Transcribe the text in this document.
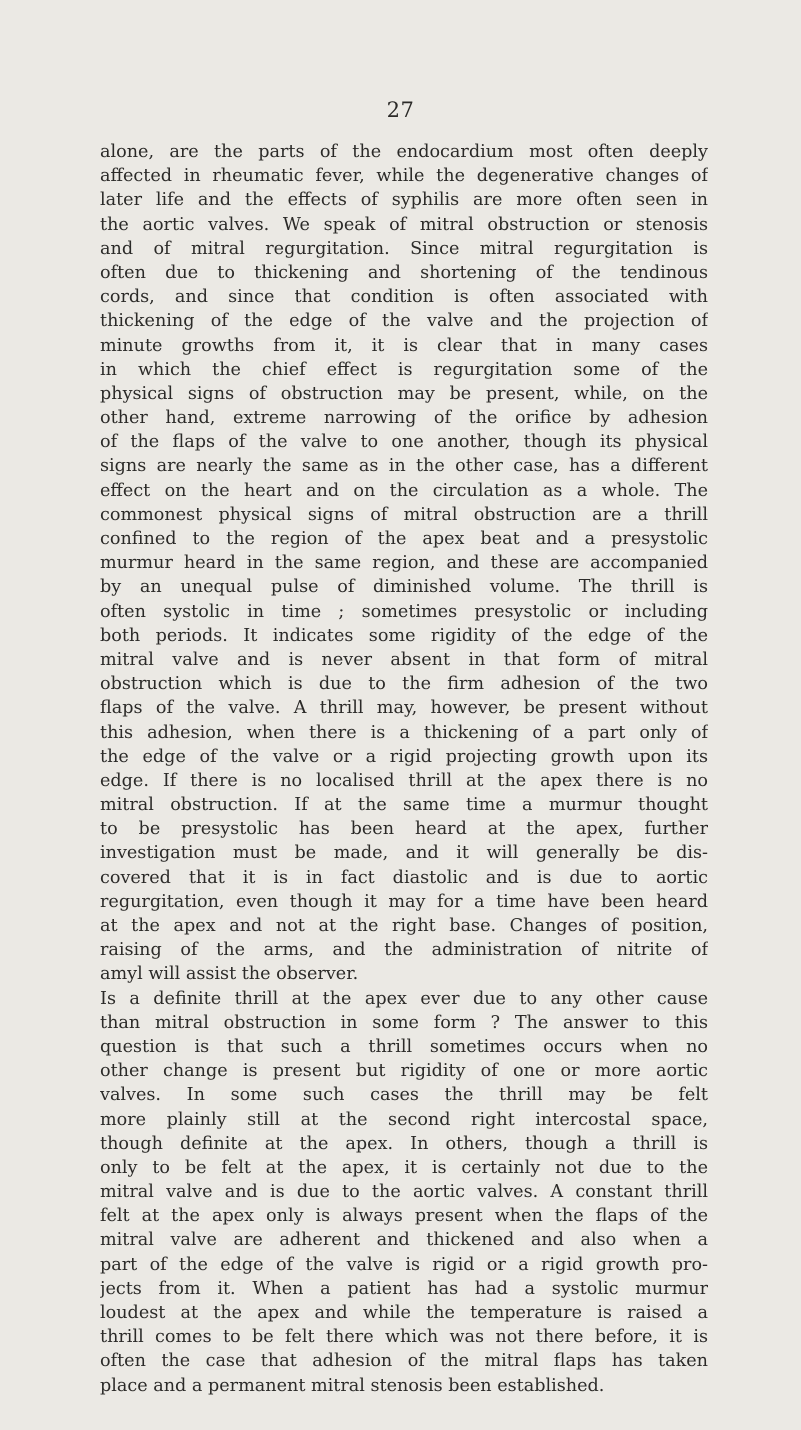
27
alone, are the parts of the endocardium most often deeply
affected in rheumatic fever, while the degenerative changes of
later life and the effects of syphilis are more often seen in
the aortic valves. We speak of mitral obstruction or stenosis
and of mitral regurgitation. Since mitral regurgitation is
often due to thickening and shortening of the tendinous
cords, and since that condition is often associated with
thickening of the edge of the valve and the projection of
minute growths from it, it is clear that in many cases
in which the chief effect is regurgitation some of the
physical signs of obstruction may be present, while, on the
other hand, extreme narrowing of the orifice by adhesion
of the flaps of the valve to one another, though its physical
signs are nearly the same as in the other case, has a different
effect on the heart and on the circulation as a whole. The
commonest physical signs of mitral obstruction are a thrill
confined to the region of the apex beat and a presystolic
murmur heard in the same region, and these are accompanied
by an unequal pulse of diminished volume. The thrill is
often systolic in time ; sometimes presystolic or including
both periods. It indicates some rigidity of the edge of the
mitral valve and is never absent in that form of mitral
obstruction which is due to the firm adhesion of the two
flaps of the valve. A thrill may, however, be present without
this adhesion, when there is a thickening of a part only of
the edge of the valve or a rigid projecting growth upon its
edge. If there is no localised thrill at the apex there is no
mitral obstruction. If at the same time a murmur thought
to be presystolic has been heard at the apex, further
investigation must be made, and it will generally be dis-
covered that it is in fact diastolic and is due to aortic
regurgitation, even though it may for a time have been heard
at the apex and not at the right base. Changes of position,
raising of the arms, and the administration of nitrite of
amyl will assist the observer.
Is a definite thrill at the apex ever due to any other cause
than mitral obstruction in some form ? The answer to this
question is that such a thrill sometimes occurs when no
other change is present but rigidity of one or more aortic
valves. In some such cases the thrill may be felt
more plainly still at the second right intercostal space,
though definite at the apex. In others, though a thrill is
only to be felt at the apex, it is certainly not due to the
mitral valve and is due to the aortic valves. A constant thrill
felt at the apex only is always present when the flaps of the
mitral valve are adherent and thickened and also when a
part of the edge of the valve is rigid or a rigid growth pro-
jects from it. When a patient has had a systolic murmur
loudest at the apex and while the temperature is raised a
thrill comes to be felt there which was not there before, it is
often the case that adhesion of the mitral flaps has taken
place and a permanent mitral stenosis been established.
